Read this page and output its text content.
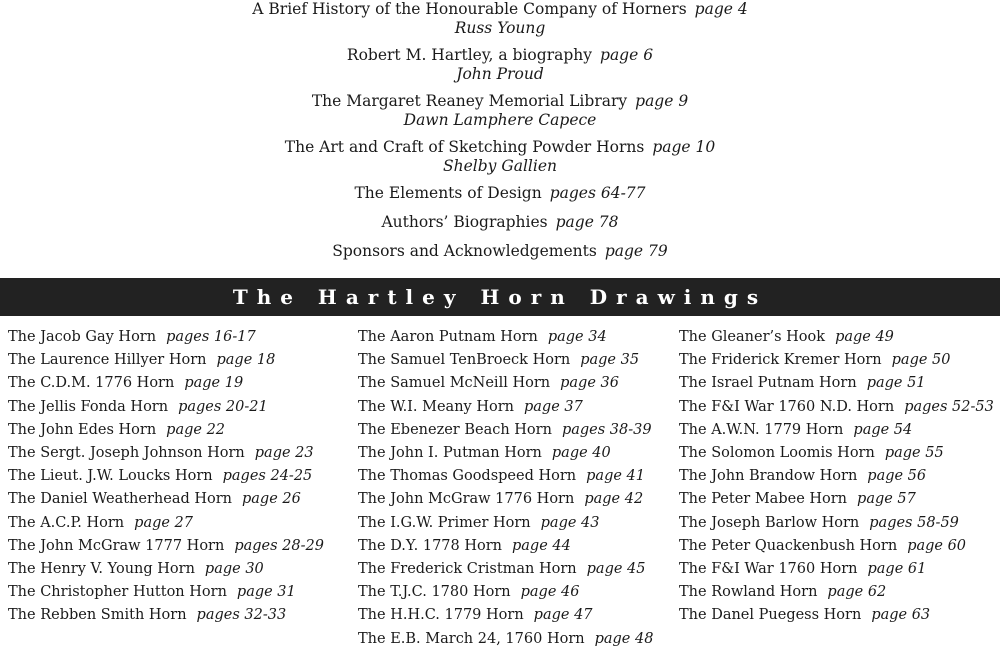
A Brief History of the Honourable Company of Horners page 4
Russ Young
Robert M. Hartley, a biography page 6
John Proud
The Margaret Reaney Memorial Library page 9
Dawn Lamphere Capece
The Art and Craft of Sketching Powder Horns page 10
Shelby Gallien
The Elements of Design pages 64-77
Authors’ Biographies page 78
Sponsors and Acknowledgements page 79
The Hartley Horn Drawings
The Jacob Gay Horn pages 16-17
The Laurence Hillyer Horn page 18
The C.D.M. 1776 Horn page 19
The Jellis Fonda Horn pages 20-21
The John Edes Horn page 22
The Sergt. Joseph Johnson Horn page 23
The Lieut. J.W. Loucks Horn pages 24-25
The Daniel Weatherhead Horn page 26
The A.C.P. Horn page 27
The John McGraw 1777 Horn pages 28-29
The Henry V. Young Horn page 30
The Christopher Hutton Horn page 31
The Rebben Smith Horn pages 32-33
The Aaron Putnam Horn page 34
The Samuel TenBroeck Horn page 35
The Samuel McNeill Horn page 36
The W.I. Meany Horn page 37
The Ebenezer Beach Horn pages 38-39
The John I. Putman Horn page 40
The Thomas Goodspeed Horn page 41
The John McGraw 1776 Horn page 42
The I.G.W. Primer Horn page 43
The D.Y. 1778 Horn page 44
The Frederick Cristman Horn page 45
The T.J.C. 1780 Horn page 46
The H.H.C. 1779 Horn page 47
The E.B. March 24, 1760 Horn page 48
The Gleaner’s Hook page 49
The Friderick Kremer Horn page 50
The Israel Putnam Horn page 51
The F&I War 1760 N.D. Horn pages 52-53
The A.W.N. 1779 Horn page 54
The Solomon Loomis Horn page 55
The John Brandow Horn page 56
The Peter Mabee Horn page 57
The Joseph Barlow Horn pages 58-59
The Peter Quackenbush Horn page 60
The F&I War 1760 Horn page 61
The Rowland Horn page 62
The Danel Puegess Horn page 63
